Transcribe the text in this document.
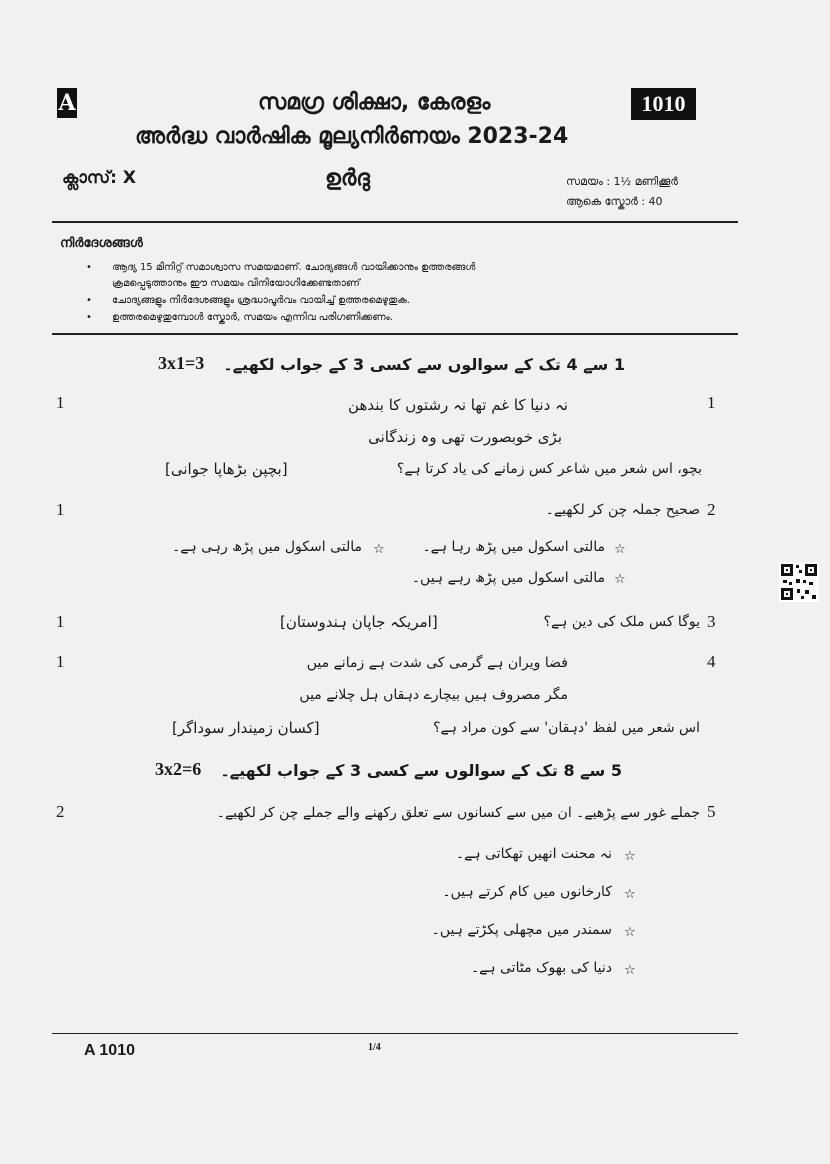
A	സമഗ്ര ശിക്ഷാ, കേരളം	1010
അർദ്ധ വാർഷിക മൂല്യനിർണയം 2023-24
ക്ലാസ്: X	ഉർദു	സമയം : 1½ മണിക്കൂർ
ആകെ സ്കോർ : 40
നിർദേശങ്ങൾ
• ആദ്യ 15 മിനിറ്റ് സമാശ്വാസ സമയമാണ്. ചോദ്യങ്ങൾ വായിക്കാനും ഉത്തരങ്ങൾ
ക്രമപ്പെടുത്താനും ഈ സമയം വിനിയോഗിക്കേണ്ടതാണ്
• ചോദ്യങ്ങളും നിർദേശങ്ങളും ശ്രദ്ധാപൂർവം വായിച്ച് ഉത്തരമെഴുതുക.
• ഉത്തരമെഴുതുമ്പോൾ സ്കോർ, സമയം എന്നിവ പരിഗണിക്കണം.
3x1=3 1 سے 4 تک کے سوالوں سے کسی 3 کے جواب لکھیے۔
1	1
نہ دنیا کا غم تھا نہ رشتوں کا بندھن
بڑی خوبصورت تھی وہ زندگانی
بچو، اس شعر میں شاعر کس زمانے کی یاد کرتا ہے؟
[بچپن بڑھاپا جوانی]
1	2
صحیح جملہ چن کر لکھیے۔
☆
مالتی اسکول میں پڑھ رہا ہے۔
☆
مالتی اسکول میں پڑھ رہی ہے۔
☆
مالتی اسکول میں پڑھ رہے ہیں۔
1	3
یوگا کس ملک کی دین ہے؟
[امریکہ جاپان ہندوستان]
1	4
فضا ویران ہے گرمی کی شدت ہے زمانے میں
مگر مصروف ہیں بیچارے دہقاں ہل چلانے میں
اس شعر میں لفظ 'دہقان' سے کون مراد ہے؟
[کسان زمیندار سوداگر]
3x2=6 5 سے 8 تک کے سوالوں سے کسی 3 کے جواب لکھیے۔
2	5
جملے غور سے پڑھیے۔ ان میں سے کسانوں سے تعلق رکھنے والے جملے چن کر لکھیے۔
☆
نہ محنت انھیں تھکاتی ہے۔
☆
کارخانوں میں کام کرتے ہیں۔
☆
سمندر میں مچھلی پکڑتے ہیں۔
☆
دنیا کی بھوک مٹاتی ہے۔
A 1010	1/4
